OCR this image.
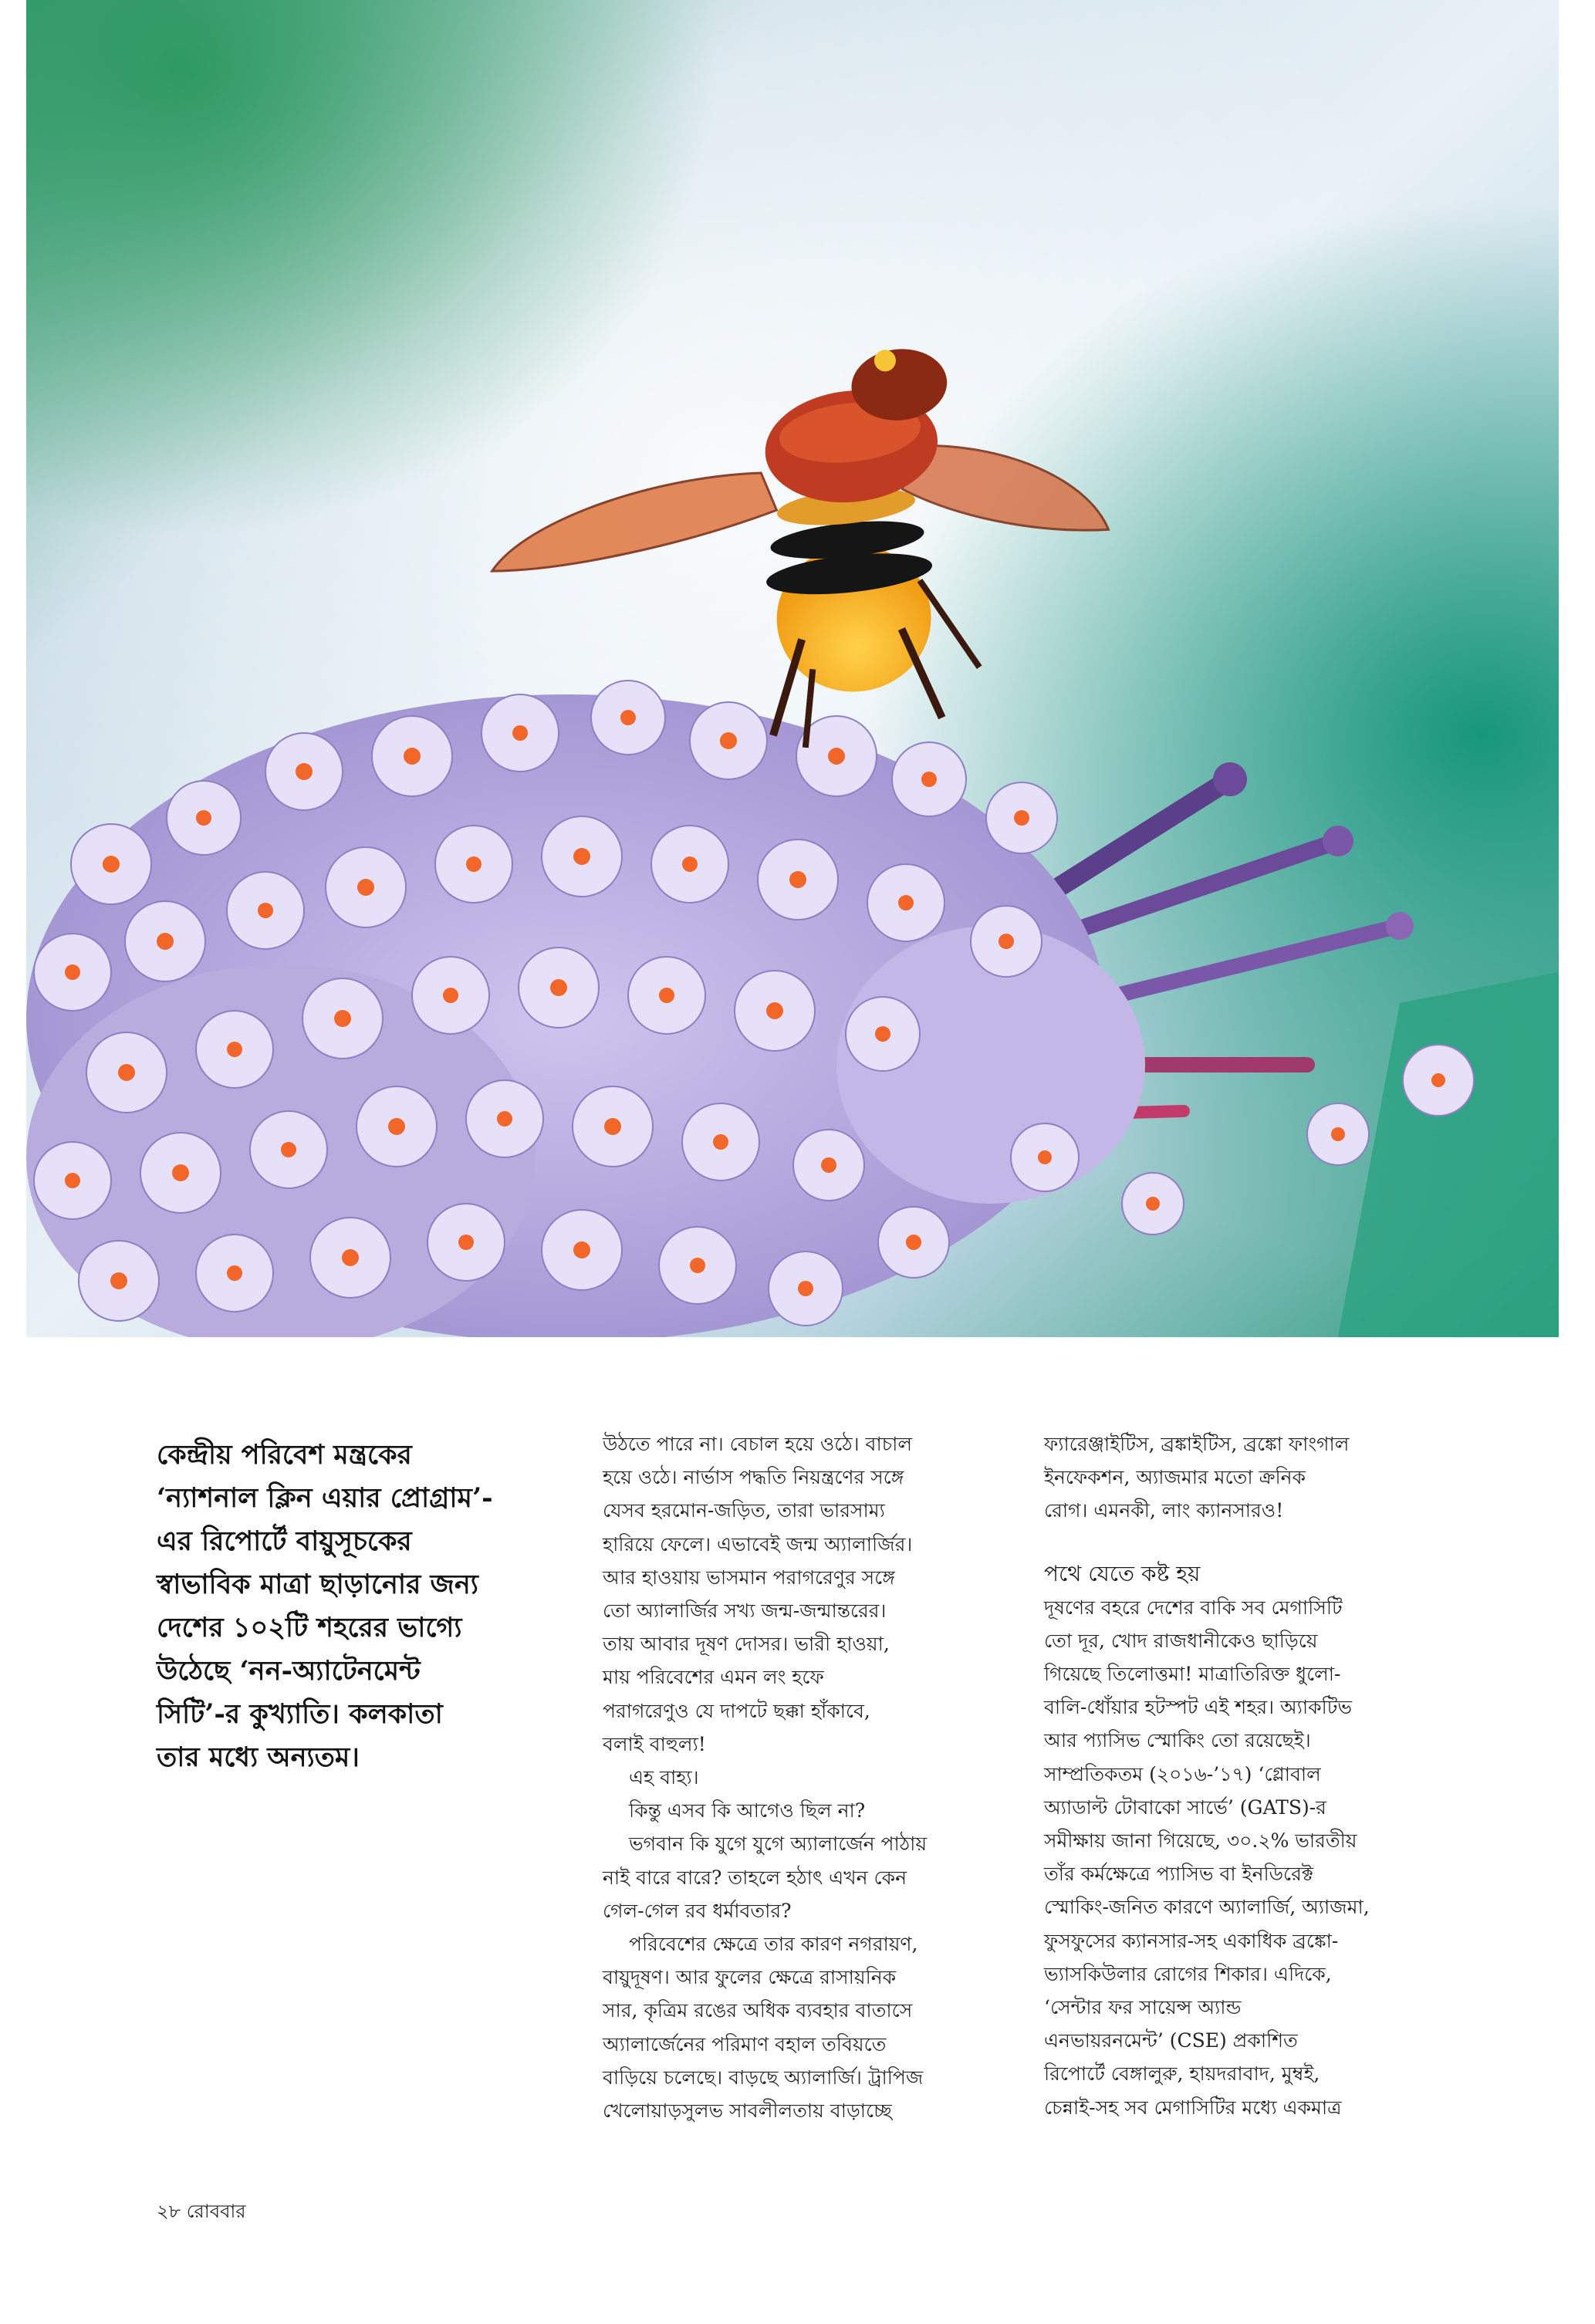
কেন্দ্রীয় পরিবেশ মন্ত্রকের
‘ন্যাশনাল ক্লিন এয়ার প্রোগ্রাম’-
এর রিপোর্টে বায়ুসূচকের
স্বাভাবিক মাত্রা ছাড়ানোর জন্য
দেশের ১০২টি শহরের ভাগ্যে
উঠেছে ‘নন-অ্যাটেনমেন্ট
সিটি’-র কুখ্যাতি। কলকাতা
তার মধ্যে অন্যতম।

উঠতে পারে না। বেচাল হয়ে ওঠে। বাচাল

হয়ে ওঠে। নার্ভাস পদ্ধতি নিয়ন্ত্রণের সঙ্গে

যেসব হরমোন-জড়িত, তারা ভারসাম্য

হারিয়ে ফেলে। এভাবেই জন্ম অ্যালার্জির।

আর হাওয়ায় ভাসমান পরাগরেণুর সঙ্গে

তো অ্যালার্জির সখ্য জন্ম-জন্মান্তরের।

তায় আবার দূষণ দোসর। ভারী হাওয়া,

মায় পরিবেশের এমন লং হফে

পরাগরেণুও যে দাপটে ছক্কা হাঁকাবে,

বলাই বাহুল্য!

এহ বাহ্য।

কিন্তু এসব কি আগেও ছিল না?

ভগবান কি যুগে যুগে অ্যালার্জেন পাঠায়

নাই বারে বারে? তাহলে হঠাৎ এখন কেন

গেল-গেল রব ধর্মাবতার?

পরিবেশের ক্ষেত্রে তার কারণ নগরায়ণ,

বায়ুদূষণ। আর ফুলের ক্ষেত্রে রাসায়নিক

সার, কৃত্রিম রঙের অধিক ব্যবহার বাতাসে

অ্যালার্জেনের পরিমাণ বহাল তবিয়তে

বাড়িয়ে চলেছে। বাড়ছে অ্যালার্জি। ট্রাপিজ

খেলোয়াড়সুলভ সাবলীলতায় বাড়াচ্ছে

ফ্যারেঞ্জাইটিস, ব্রঙ্কাইটিস, ব্রঙ্কো ফাংগাল

ইনফেকশন, অ্যাজমার মতো ক্রনিক

রোগ। এমনকী, লাং ক্যানসারও!

পথে যেতে কষ্ট হয়

দূষণের বহরে দেশের বাকি সব মেগাসিটি

তো দূর, খোদ রাজধানীকেও ছাড়িয়ে

গিয়েছে তিলোত্তমা! মাত্রাতিরিক্ত ধুলো-

বালি-ধোঁয়ার হটস্পট এই শহর। অ্যাকটিভ

আর প্যাসিভ স্মোকিং তো রয়েছেই।

সাম্প্রতিকতম (২০১৬-’১৭) ‘গ্লোবাল

অ্যাডাল্ট টোবাকো সার্ভে’ (GATS)-র

সমীক্ষায় জানা গিয়েছে, ৩০.২% ভারতীয়

তাঁর কর্মক্ষেত্রে প্যাসিভ বা ইনডিরেক্ট

স্মোকিং-জনিত কারণে অ্যালার্জি, অ্যাজমা,

ফুসফুসের ক্যানসার-সহ একাধিক ব্রঙ্কো-

ভ্যাসকিউলার রোগের শিকার। এদিকে,

‘সেন্টার ফর সায়েন্স অ্যান্ড

এনভায়রনমেন্ট’ (CSE) প্রকাশিত

রিপোর্টে বেঙ্গালুরু, হায়দরাবাদ, মুম্বই,

চেন্নাই-সহ সব মেগাসিটির মধ্যে একমাত্র

২৮ রোববার
